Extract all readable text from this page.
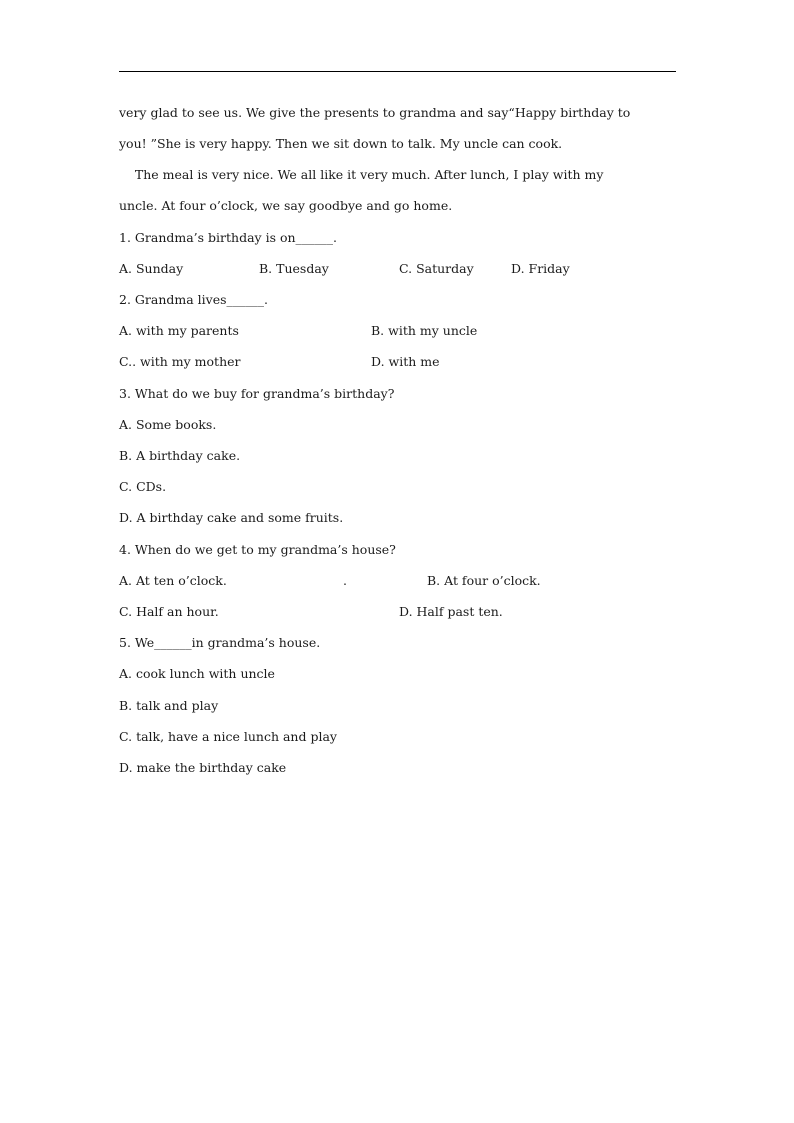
very glad to see us. We give the presents to grandma and say“Happy birthday to
you! ”She is very happy. Then we sit down to talk. My uncle can cook.
The meal is very nice. We all like it very much. After lunch, I play with my
uncle. At four o’clock, we say goodbye and go home.
1. Grandma’s birthday is on______.
A. Sunday	B. Tuesday	C. Saturday	D. Friday
2. Grandma lives______.
A. with my parents	B. with my uncle
C.. with my mother	D. with me
3. What do we buy for grandma’s birthday?
A. Some books.
B. A birthday cake.
C. CDs.
D. A birthday cake and some fruits.
4. When do we get to my grandma’s house?
A. At ten o’clock.	.	B. At four o’clock.
C. Half an hour.	D. Half past ten.
5. We______in grandma’s house.
A. cook lunch with uncle
B. talk and play
C. talk, have a nice lunch and play
D. make the birthday cake
